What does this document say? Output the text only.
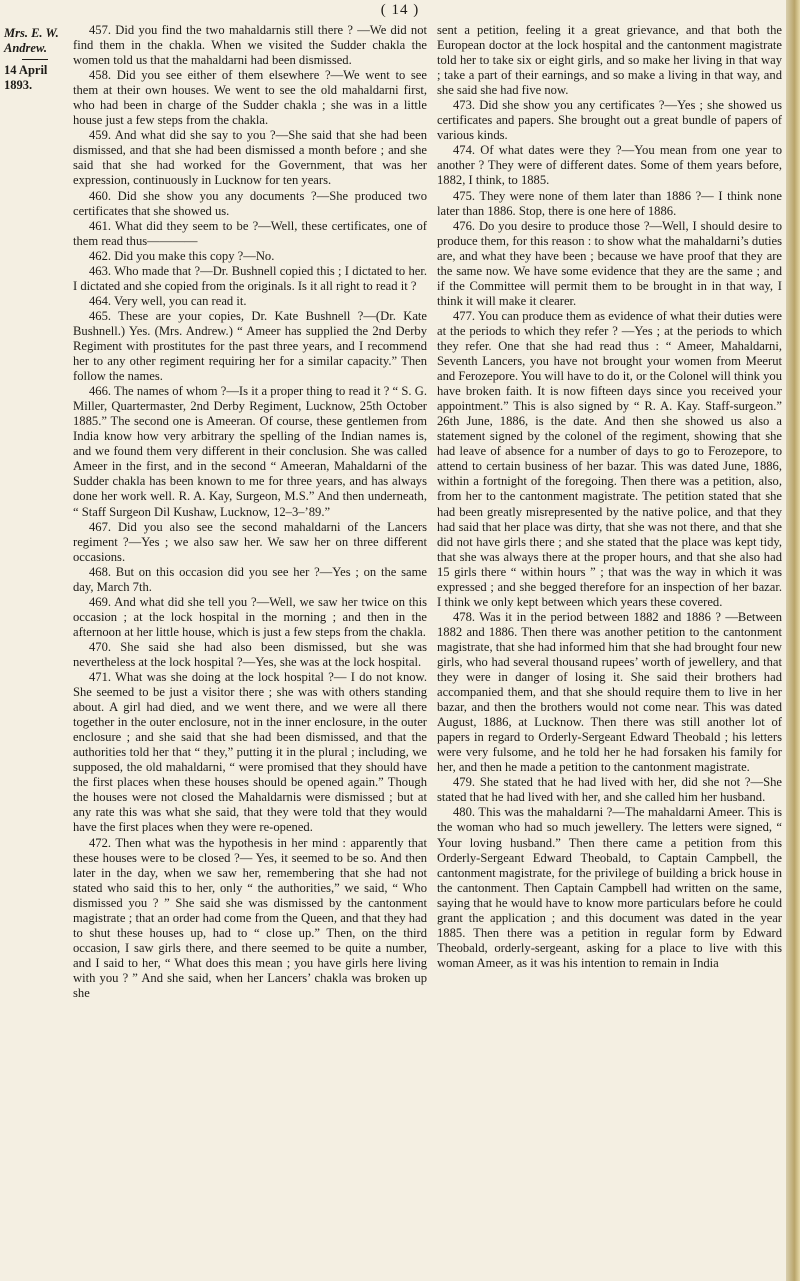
( 14 )
Mrs. E. W. Andrew.
14 April 1893.

457. Did you find the two mahaldarnis still there ? —We did not find them in the chakla. When we visited the Sudder chakla the women told us that the mahaldarni had been dismissed.

458. Did you see either of them elsewhere ?—We went to see them at their own houses. We went to see the old mahaldarni first, who had been in charge of the Sudder chakla ; she was in a little house just a few steps from the chakla.

459. And what did she say to you ?—She said that she had been dismissed, and that she had been dismissed a month before ; and she said that she had worked for the Government, that was her expression, continuously in Lucknow for ten years.

460. Did she show you any documents ?—She produced two certificates that she showed us.

461. What did they seem to be ?—Well, these certificates, one of them read thus————

462. Did you make this copy ?—No.

463. Who made that ?—Dr. Bushnell copied this ; I dictated to her. I dictated and she copied from the originals. Is it all right to read it ?

464. Very well, you can read it.

465. These are your copies, Dr. Kate Bushnell ?—(Dr. Kate Bushnell.) Yes. (Mrs. Andrew.) “ Ameer has supplied the 2nd Derby Regiment with prostitutes for the past three years, and I recommend her to any other regiment requiring her for a similar capacity.” Then follow the names.

466. The names of whom ?—Is it a proper thing to read it ? “ S. G. Miller, Quartermaster, 2nd Derby Regiment, Lucknow, 25th October 1885.” The second one is Ameeran. Of course, these gentlemen from India know how very arbitrary the spelling of the Indian names is, and we found them very different in their conclusion. She was called Ameer in the first, and in the second “ Ameeran, Mahaldarni of the Sudder chakla has been known to me for three years, and has always done her work well. R. A. Kay, Surgeon, M.S.” And then underneath, “ Staff Surgeon Dil Kushaw, Lucknow, 12–3–’89.”

467. Did you also see the second mahaldarni of the Lancers regiment ?—Yes ; we also saw her. We saw her on three different occasions.

468. But on this occasion did you see her ?—Yes ; on the same day, March 7th.

469. And what did she tell you ?—Well, we saw her twice on this occasion ; at the lock hospital in the morning ; and then in the afternoon at her little house, which is just a few steps from the chakla.

470. She said she had also been dismissed, but she was nevertheless at the lock hospital ?—Yes, she was at the lock hospital.

471. What was she doing at the lock hospital ?— I do not know. She seemed to be just a visitor there ; she was with others standing about. A girl had died, and we went there, and we were all there together in the outer enclosure, not in the inner enclosure, in the outer enclosure ; and she said that she had been dismissed, and that the authorities told her that “ they,” putting it in the plural ; including, we supposed, the old mahaldarni, “ were promised that they should have the first places when these houses should be opened again.” Though the houses were not closed the Mahaldarnis were dismissed ; but at any rate this was what she said, that they were told that they would have the first places when they were re-opened.

472. Then what was the hypothesis in her mind : apparently that these houses were to be closed ?— Yes, it seemed to be so. And then later in the day, when we saw her, remembering that she had not stated who said this to her, only “ the authorities,” we said, “ Who dismissed you ? ” She said she was dismissed by the cantonment magistrate ; that an order had come from the Queen, and that they had to shut these houses up, had to “ close up.” Then, on the third occasion, I saw girls there, and there seemed to be quite a number, and I said to her, “ What does this mean ; you have girls here living with you ? ” And she said, when her Lancers’ chakla was broken up she

sent a petition, feeling it a great grievance, and that both the European doctor at the lock hospital and the cantonment magistrate told her to take six or eight girls, and so make her living in that way ; take a part of their earnings, and so make a living in that way, and she said she had five now.

473. Did she show you any certificates ?—Yes ; she showed us certificates and papers. She brought out a great bundle of papers of various kinds.

474. Of what dates were they ?—You mean from one year to another ? They were of different dates. Some of them years before, 1882, I think, to 1885.

475. They were none of them later than 1886 ?— I think none later than 1886. Stop, there is one here of 1886.

476. Do you desire to produce those ?—Well, I should desire to produce them, for this reason : to show what the mahaldarni’s duties are, and what they have been ; because we have proof that they are the same now. We have some evidence that they are the same ; and if the Committee will permit them to be brought in in that way, I think it will make it clearer.

477. You can produce them as evidence of what their duties were at the periods to which they refer ? —Yes ; at the periods to which they refer. One that she had read thus : “ Ameer, Mahaldarni, Seventh Lancers, you have not brought your women from Meerut and Ferozepore. You will have to do it, or the Colonel will think you have broken faith. It is now fifteen days since you received your appointment.” This is also signed by “ R. A. Kay. Staff-surgeon.” 26th June, 1886, is the date. And then she showed us also a statement signed by the colonel of the regiment, showing that she had leave of absence for a number of days to go to Ferozepore, to attend to certain business of her bazar. This was dated June, 1886, within a fortnight of the foregoing. Then there was a petition, also, from her to the cantonment magistrate. The petition stated that she had been greatly misrepresented by the native police, and that they had said that her place was dirty, that she was not there, and that she did not have girls there ; and she stated that the place was kept tidy, that she was always there at the proper hours, and that she also had 15 girls there “ within hours ” ; that was the way in which it was expressed ; and she begged therefore for an inspection of her bazar. I think we only kept between which years these covered.

478. Was it in the period between 1882 and 1886 ? —Between 1882 and 1886. Then there was another petition to the cantonment magistrate, that she had informed him that she had brought four new girls, who had several thousand rupees’ worth of jewellery, and that they were in danger of losing it. She said their brothers had accompanied them, and that she should require them to live in her bazar, and then the brothers would not come near. This was dated August, 1886, at Lucknow. Then there was still another lot of papers in regard to Orderly-Sergeant Edward Theobald ; his letters were very fulsome, and he told her he had forsaken his family for her, and then he made a petition to the cantonment magistrate.

479. She stated that he had lived with her, did she not ?—She stated that he had lived with her, and she called him her husband.

480. This was the mahaldarni ?—The mahaldarni Ameer. This is the woman who had so much jewellery. The letters were signed, “ Your loving husband.” Then there came a petition from this Orderly-Sergeant Edward Theobald, to Captain Campbell, the cantonment magistrate, for the privilege of building a brick house in the cantonment. Then Captain Campbell had written on the same, saying that he would have to know more particulars before he could grant the application ; and this document was dated in the year 1885. Then there was a petition in regular form by Edward Theobald, orderly-sergeant, asking for a place to live with this woman Ameer, as it was his intention to remain in India
